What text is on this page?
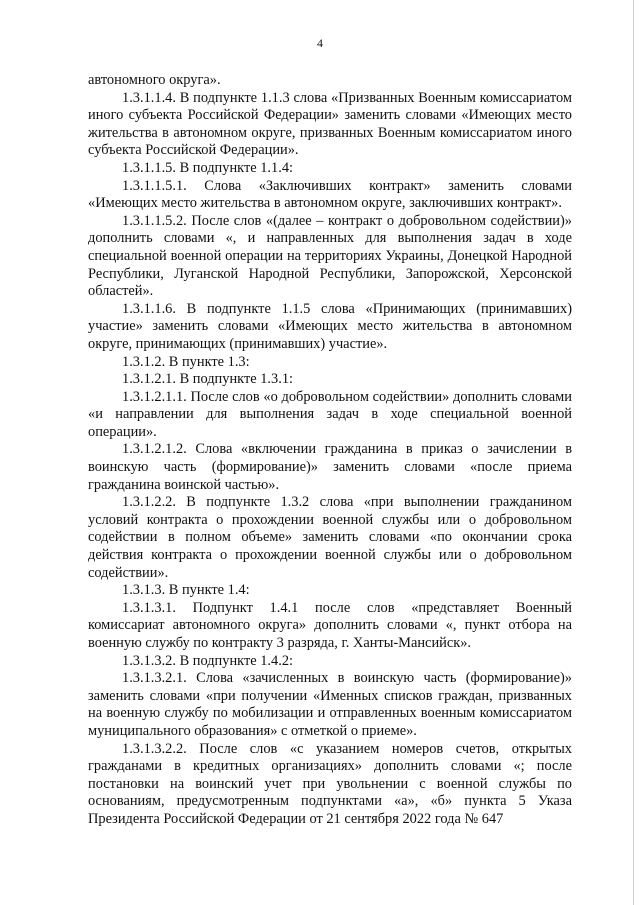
4

автономного округа».

1.3.1.1.4. В подпункте 1.1.3 слова «Призванных Военным комиссариатом иного субъекта Российской Федерации» заменить словами «Имеющих место жительства в автономном округе, призванных Военным комиссариатом иного субъекта Российской Федерации».

1.3.1.1.5. В подпункте 1.1.4:

1.3.1.1.5.1. Слова «Заключивших контракт» заменить словами «Имеющих место жительства в автономном округе, заключивших контракт».

1.3.1.1.5.2. После слов «(далее – контракт о добровольном содействии)» дополнить словами «, и направленных для выполнения задач в ходе специальной военной операции на территориях Украины, Донецкой Народной Республики, Луганской Народной Республики, Запорожской, Херсонской областей».

1.3.1.1.6. В подпункте 1.1.5 слова «Принимающих (принимавших) участие» заменить словами «Имеющих место жительства в автономном округе, принимающих (принимавших) участие».

1.3.1.2. В пункте 1.3:

1.3.1.2.1. В подпункте 1.3.1:

1.3.1.2.1.1. После слов «о добровольном содействии» дополнить словами «и направлении для выполнения задач в ходе специальной военной операции».

1.3.1.2.1.2. Слова «включении гражданина в приказ о зачислении в воинскую часть (формирование)» заменить словами «после приема гражданина воинской частью».

1.3.1.2.2. В подпункте 1.3.2 слова «при выполнении гражданином условий контракта о прохождении военной службы или о добровольном содействии в полном объеме» заменить словами «по окончании срока действия контракта о прохождении военной службы или о добровольном содействии».

1.3.1.3. В пункте 1.4:

1.3.1.3.1. Подпункт 1.4.1 после слов «представляет Военный комиссариат автономного округа» дополнить словами «, пункт отбора на военную службу по контракту 3 разряда, г. Ханты-Мансийск».

1.3.1.3.2. В подпункте 1.4.2:

1.3.1.3.2.1. Слова «зачисленных в воинскую часть (формирование)» заменить словами «при получении «Именных списков граждан, призванных на военную службу по мобилизации и отправленных военным комиссариатом муниципального образования» с отметкой о приеме».

1.3.1.3.2.2. После слов «с указанием номеров счетов, открытых гражданами в кредитных организациях» дополнить словами «; после постановки на воинский учет при увольнении с военной службы по основаниям, предусмотренным подпунктами «а», «б» пункта 5 Указа Президента Российской Федерации от 21 сентября 2022 года № 647
